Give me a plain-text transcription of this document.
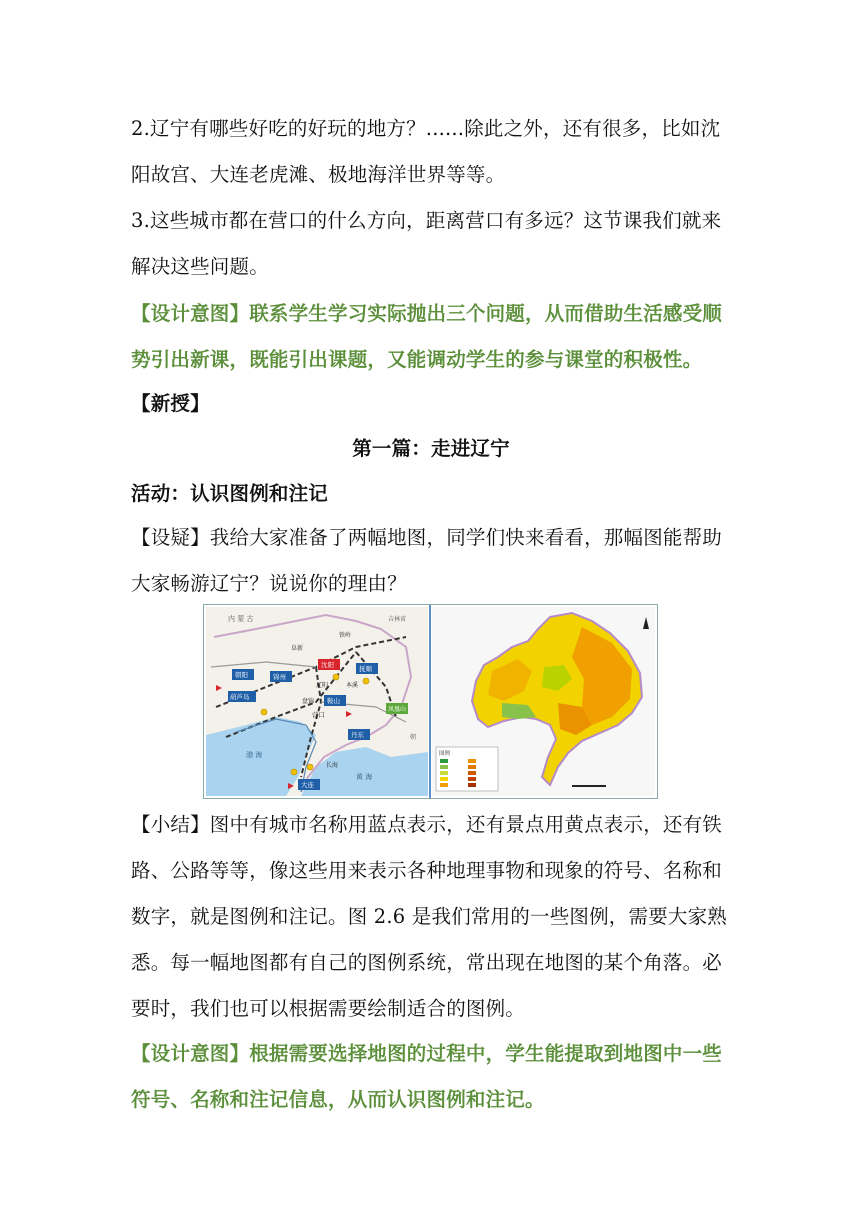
2.辽宁有哪些好吃的好玩的地方？......除此之外，还有很多，比如沈
阳故宫、大连老虎滩、极地海洋世界等等。
3.这些城市都在营口的什么方向，距离营口有多远？这节课我们就来
解决这些问题。
【设计意图】联系学生学习实际抛出三个问题，从而借助生活感受顺
势引出新课，既能引出课题，又能调动学生的参与课堂的积极性。
【新授】
第一篇：走进辽宁
活动：认识图例和注记
【设疑】我给大家准备了两幅地图，同学们快来看看，那幅图能帮助
大家畅游辽宁？说说你的理由？
内 蒙 古	吉林省
铁岭
阜新
沈阳	抚顺
朝阳	锦州
本溪
辽阳
葫芦岛
盘锦 鞍山
凤凰山
营口
丹东	朝
渤 海
黄 海
长海
大连
图例
【小结】图中有城市名称用蓝点表示，还有景点用黄点表示，还有铁
路、公路等等，像这些用来表示各种地理事物和现象的符号、名称和
数字，就是图例和注记。图 2.6 是我们常用的一些图例，需要大家熟
悉。每一幅地图都有自己的图例系统，常出现在地图的某个角落。必
要时，我们也可以根据需要绘制适合的图例。
【设计意图】根据需要选择地图的过程中，学生能提取到地图中一些
符号、名称和注记信息，从而认识图例和注记。
